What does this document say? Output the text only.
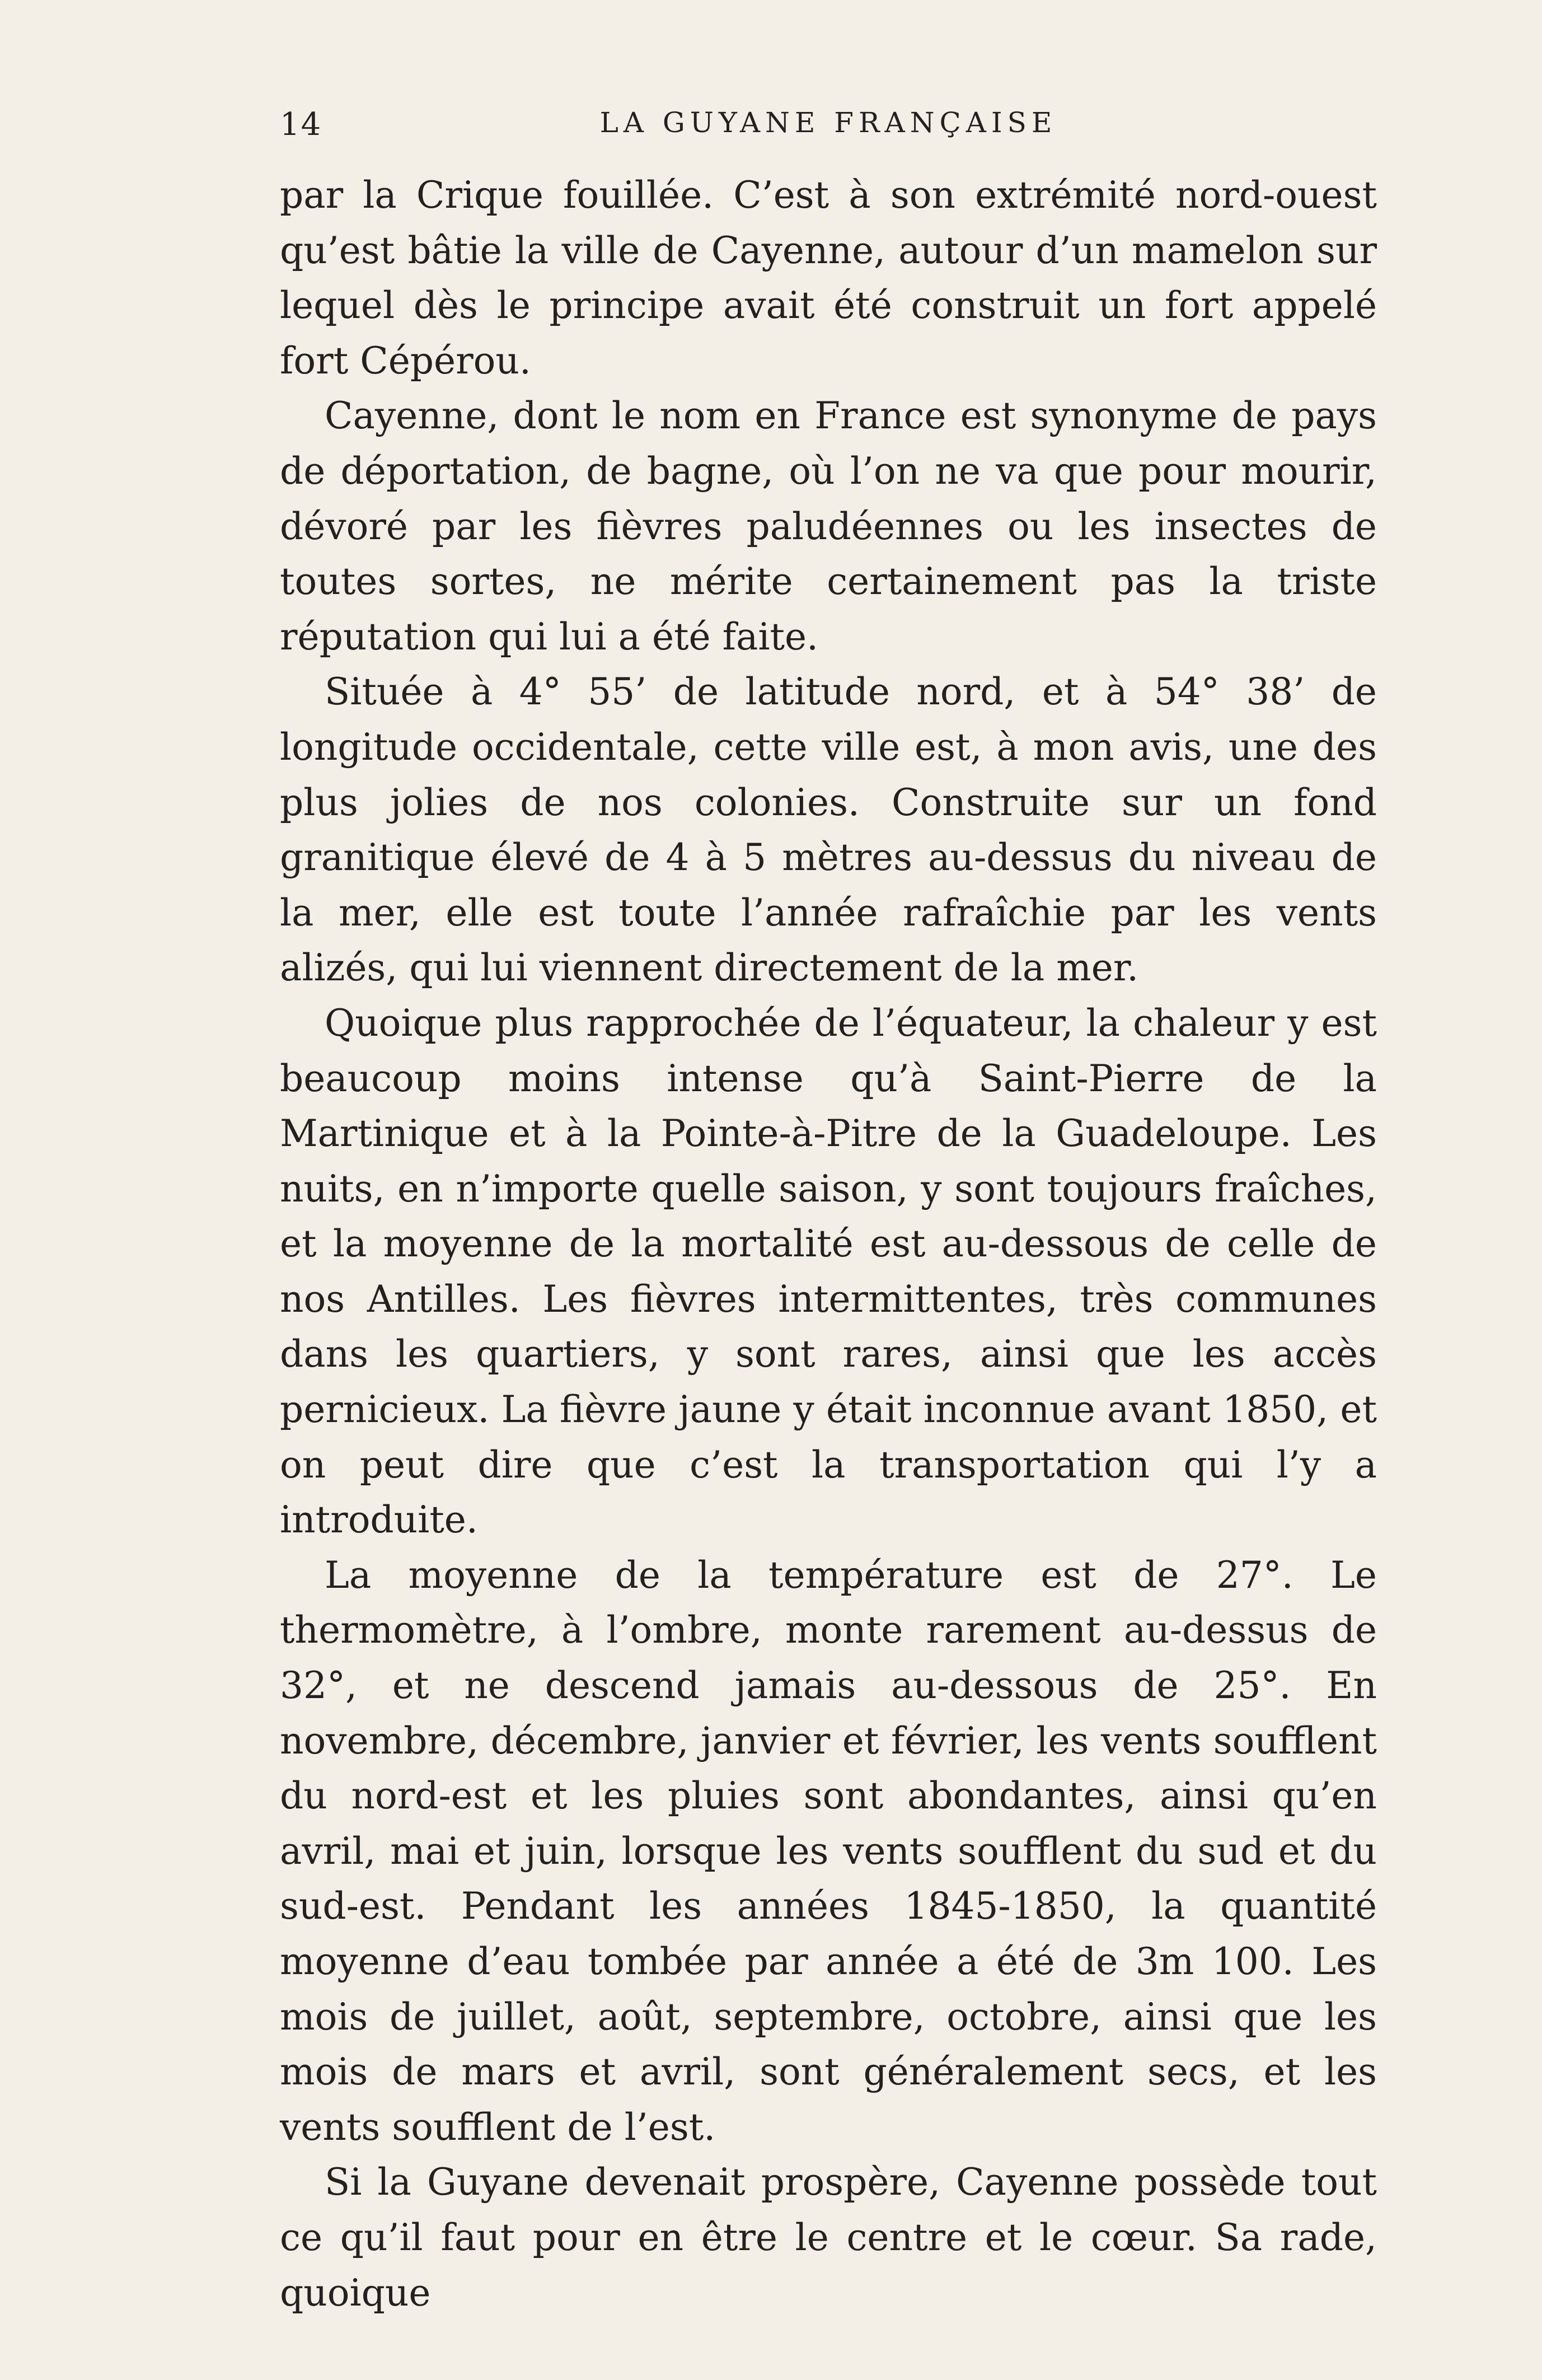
14	LA GUYANE FRANÇAISE

par la Crique fouillée. C’est à son extrémité nord-ouest qu’est bâtie la ville de Cayenne, autour d’un mamelon sur lequel dès le principe avait été construit un fort appelé fort Cépérou.

Cayenne, dont le nom en France est synonyme de pays de déportation, de bagne, où l’on ne va que pour mourir, dévoré par les fièvres paludéennes ou les insectes de toutes sortes, ne mérite certainement pas la triste réputation qui lui a été faite.

Située à 4° 55’ de latitude nord, et à 54° 38’ de longitude occidentale, cette ville est, à mon avis, une des plus jolies de nos colonies. Construite sur un fond granitique élevé de 4 à 5 mètres au-dessus du niveau de la mer, elle est toute l’année rafraîchie par les vents alizés, qui lui viennent directement de la mer.

Quoique plus rapprochée de l’équateur, la chaleur y est beaucoup moins intense qu’à Saint-Pierre de la Martinique et à la Pointe-à-Pitre de la Guadeloupe. Les nuits, en n’importe quelle saison, y sont toujours fraîches, et la moyenne de la mortalité est au-dessous de celle de nos Antilles. Les fièvres intermittentes, très communes dans les quartiers, y sont rares, ainsi que les accès pernicieux. La fièvre jaune y était inconnue avant 1850, et on peut dire que c’est la transportation qui l’y a introduite.

La moyenne de la température est de 27°. Le thermomètre, à l’ombre, monte rarement au-dessus de 32°, et ne descend jamais au-dessous de 25°. En novembre, décembre, janvier et février, les vents soufflent du nord-est et les pluies sont abondantes, ainsi qu’en avril, mai et juin, lorsque les vents soufflent du sud et du sud-est. Pendant les années 1845-1850, la quantité moyenne d’eau tombée par année a été de 3m 100. Les mois de juillet, août, septembre, octobre, ainsi que les mois de mars et avril, sont généralement secs, et les vents soufflent de l’est.

Si la Guyane devenait prospère, Cayenne possède tout ce qu’il faut pour en être le centre et le cœur. Sa rade, quoique
